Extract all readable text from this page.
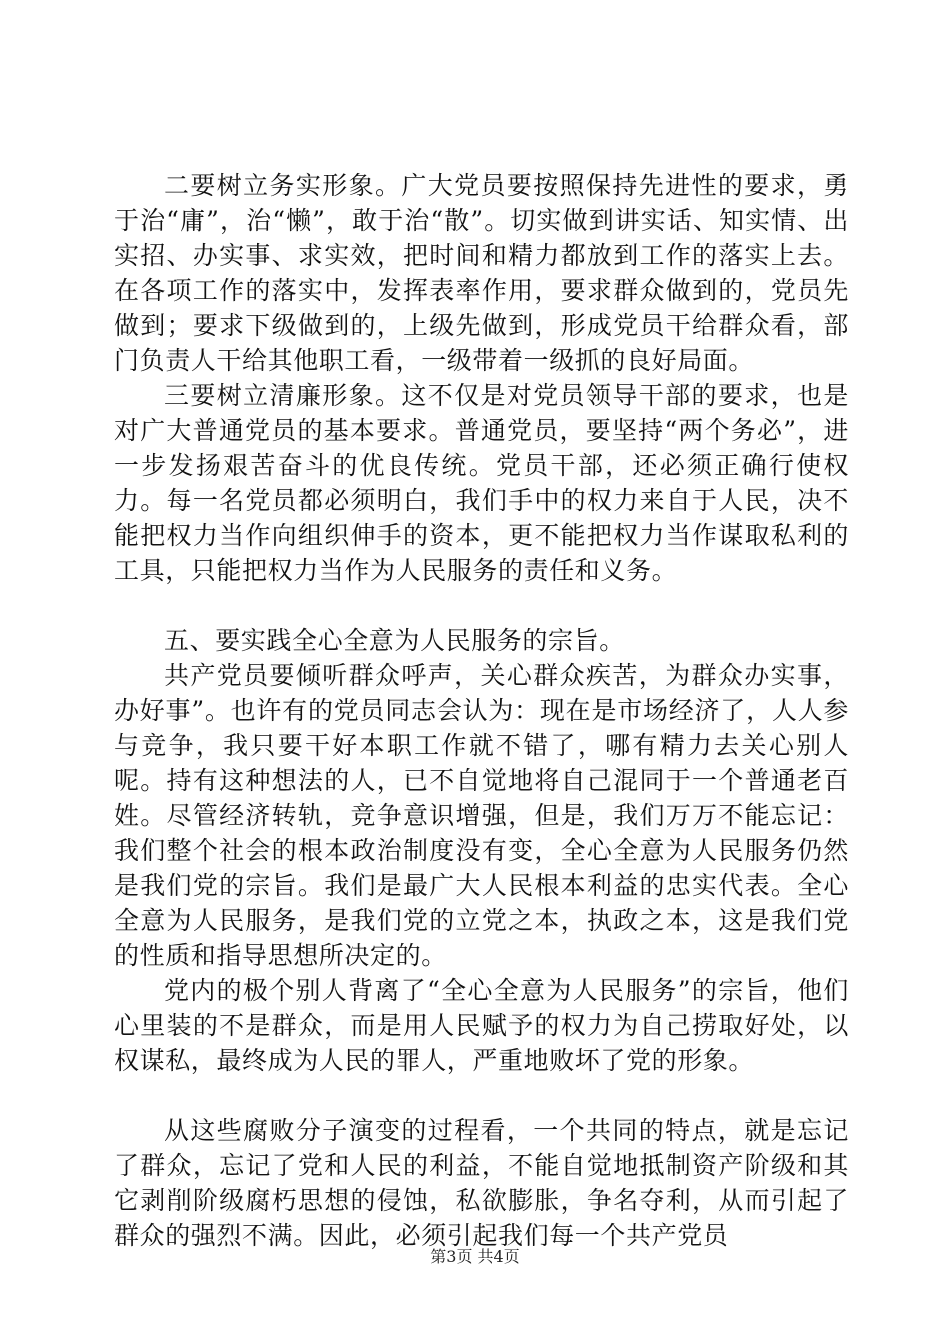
二要树立务实形象。广大党员要按照保持先进性的要求，勇于治“庸”，治“懒”，敢于治“散”。切实做到讲实话、知实情、出实招、办实事、求实效，把时间和精力都放到工作的落实上去。在各项工作的落实中，发挥表率作用，要求群众做到的，党员先做到；要求下级做到的，上级先做到，形成党员干给群众看，部门负责人干给其他职工看，一级带着一级抓的良好局面。

三要树立清廉形象。这不仅是对党员领导干部的要求，也是对广大普通党员的基本要求。普通党员，要坚持“两个务必”，进一步发扬艰苦奋斗的优良传统。党员干部，还必须正确行使权力。每一名党员都必须明白，我们手中的权力来自于人民，决不能把权力当作向组织伸手的资本，更不能把权力当作谋取私利的工具，只能把权力当作为人民服务的责任和义务。

五、要实践全心全意为人民服务的宗旨。

共产党员要倾听群众呼声，关心群众疾苦，为群众办实事，办好事”。也许有的党员同志会认为：现在是市场经济了，人人参与竞争，我只要干好本职工作就不错了，哪有精力去关心别人呢。持有这种想法的人，已不自觉地将自己混同于一个普通老百姓。尽管经济转轨，竞争意识增强，但是，我们万万不能忘记：我们整个社会的根本政治制度没有变，全心全意为人民服务仍然是我们党的宗旨。我们是最广大人民根本利益的忠实代表。全心全意为人民服务，是我们党的立党之本，执政之本，这是我们党的性质和指导思想所决定的。

党内的极个别人背离了“全心全意为人民服务”的宗旨，他们心里装的不是群众，而是用人民赋予的权力为自己捞取好处，以权谋私，最终成为人民的罪人，严重地败坏了党的形象。

从这些腐败分子演变的过程看，一个共同的特点，就是忘记了群众，忘记了党和人民的利益，不能自觉地抵制资产阶级和其它剥削阶级腐朽思想的侵蚀，私欲膨胀，争名夺利，从而引起了群众的强烈不满。因此，必须引起我们每一个共产党员

第3页 共4页
